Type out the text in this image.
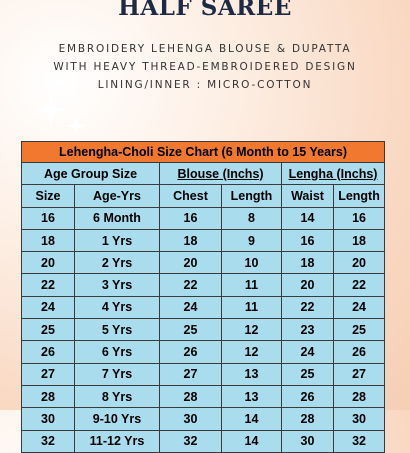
HALF SAREE
EMBROIDERY LEHENGA BLOUSE & DUPATTA
WITH HEAVY THREAD-EMBROIDERED DESIGN
LINING/INNER : MICRO-COTTON
Lehengha-Choli Size Chart (6 Month to 15 Years)					
Age Group Size		Blouse (Inchs)		Lengha (Inchs)	
Size	Age-Yrs	Chest	Length	Waist	Length
16	6 Month	16	8	14	16
18	1 Yrs	18	9	16	18
20	2 Yrs	20	10	18	20
22	3 Yrs	22	11	20	22
24	4 Yrs	24	11	22	24
25	5 Yrs	25	12	23	25
26	6 Yrs	26	12	24	26
27	7 Yrs	27	13	25	27
28	8 Yrs	28	13	26	28
30	9-10 Yrs	30	14	28	30
32	11-12 Yrs	32	14	30	32
